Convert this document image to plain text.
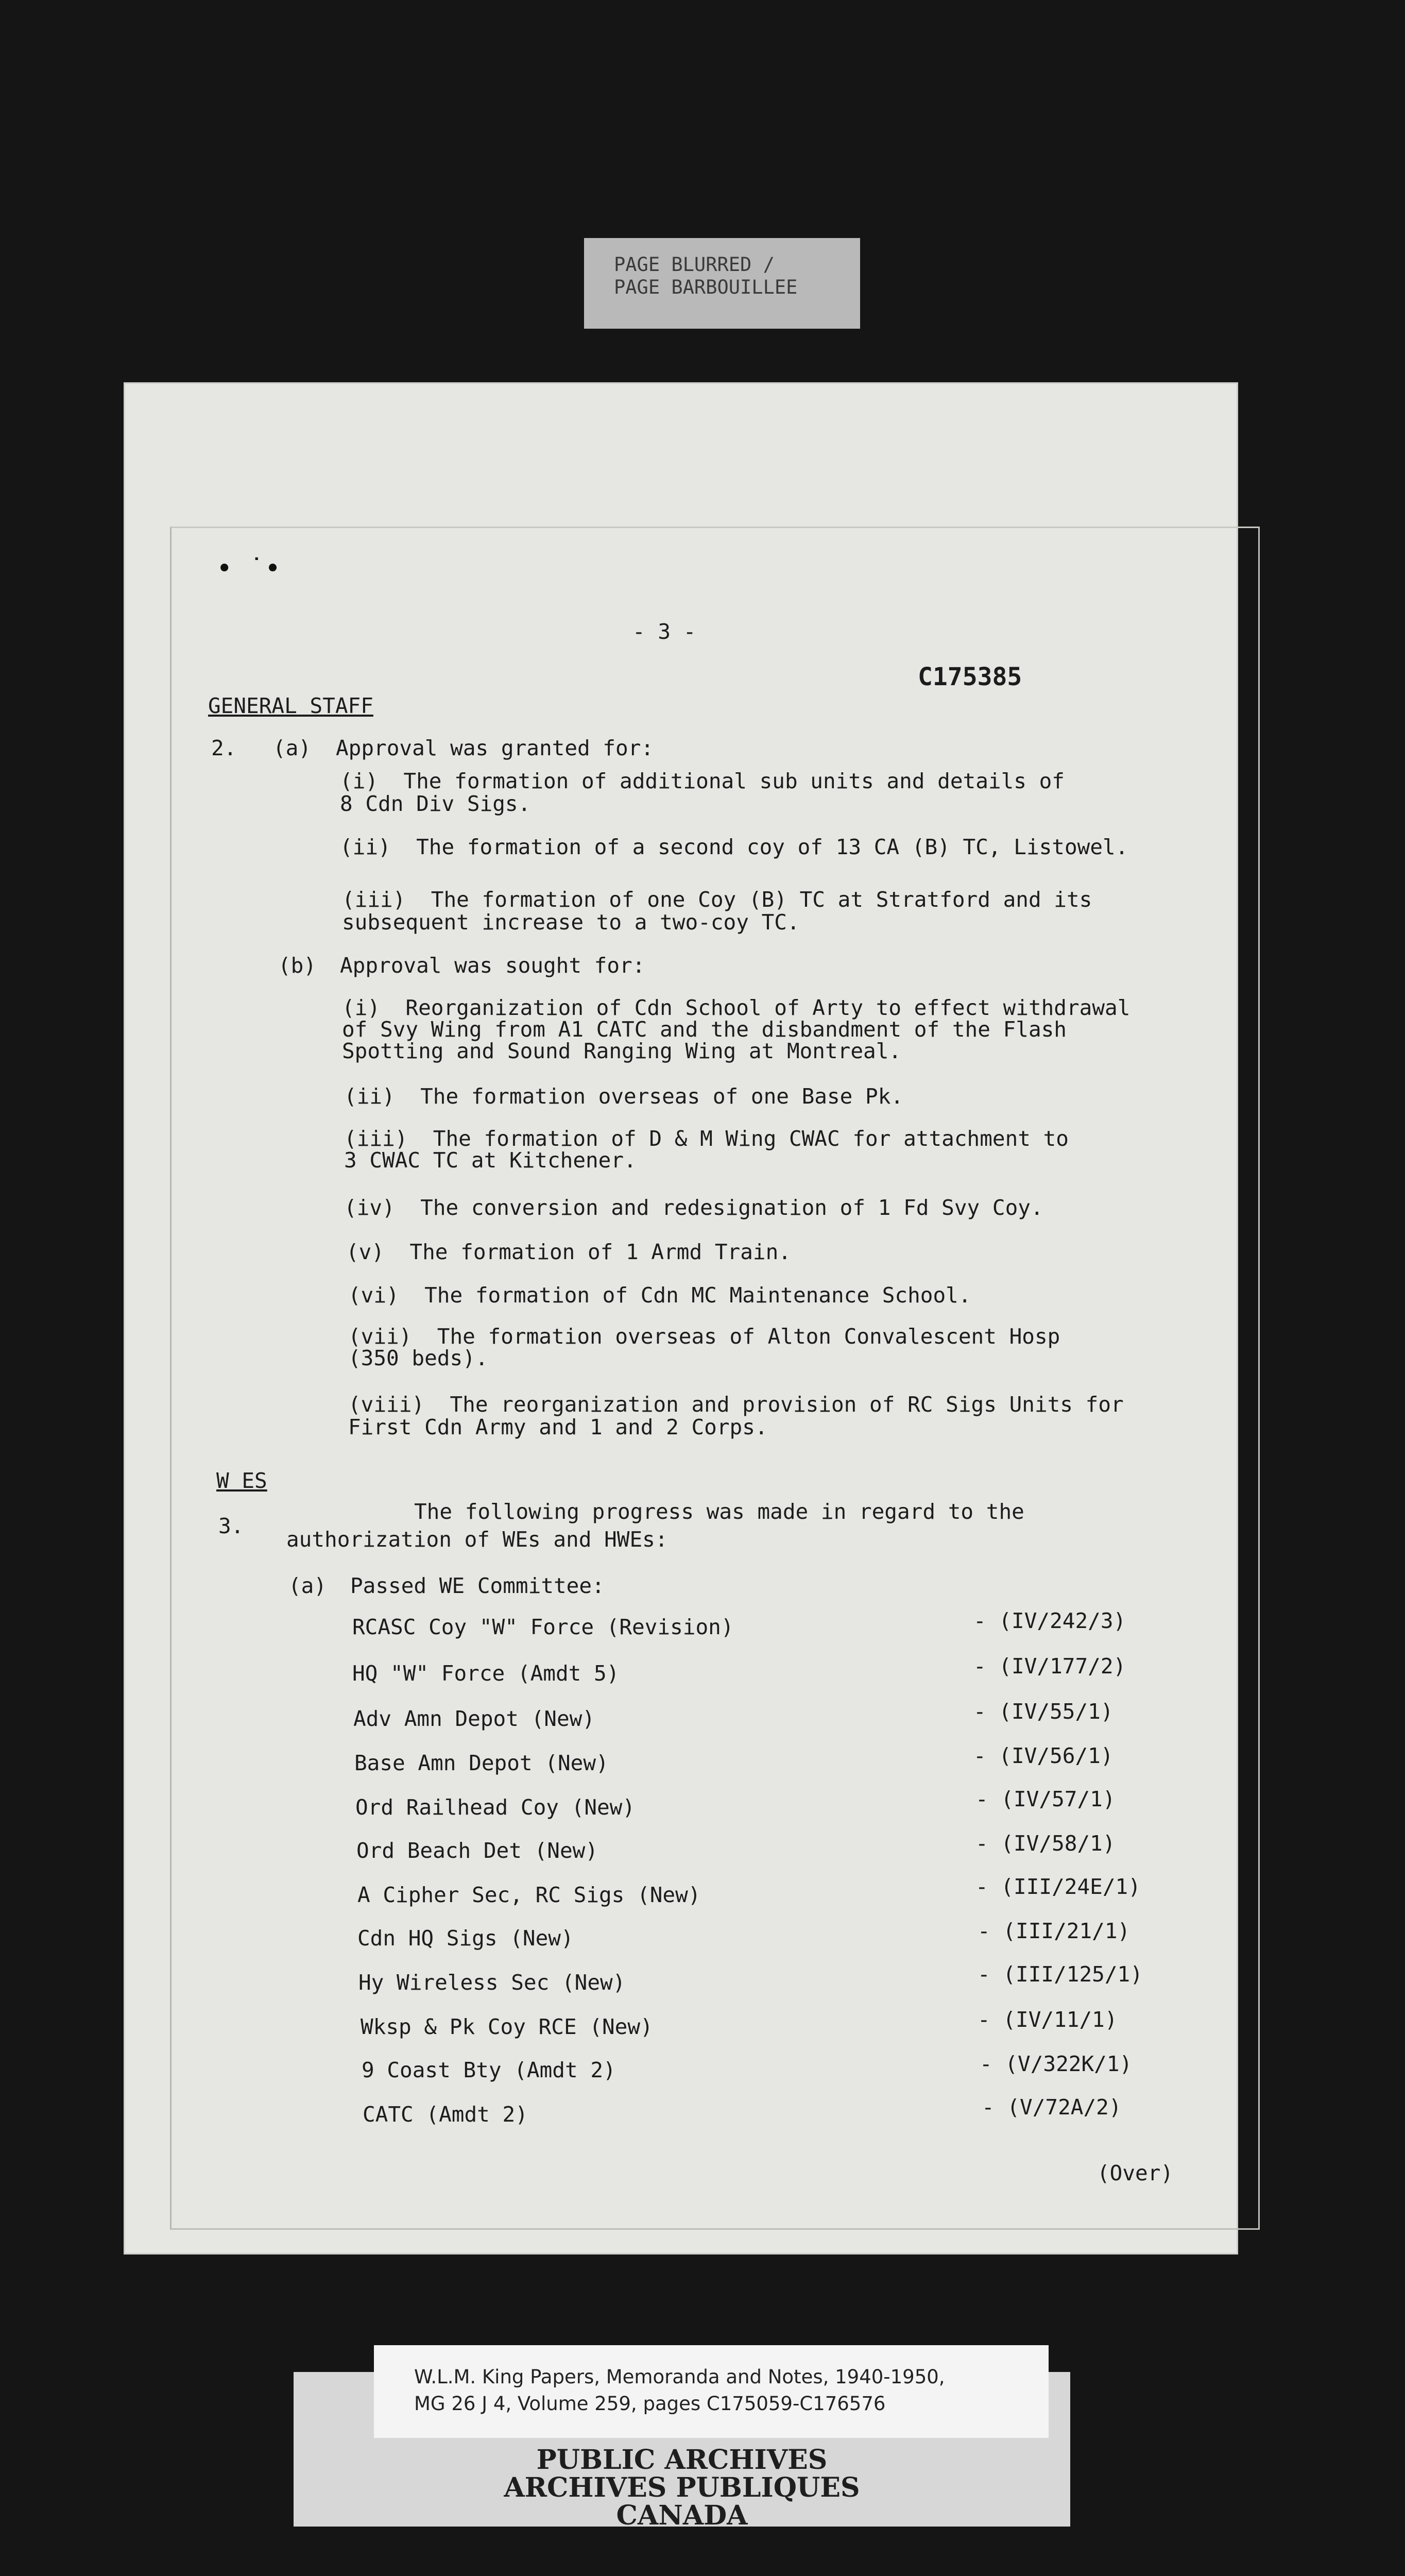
PAGE BLURRED /
PAGE BARBOUILLEE
• ˙•
- 3 -
C175385
GENERAL STAFF
2. (a) Approval was granted for:
(i)  The formation of additional sub units and details of
8 Cdn Div Sigs.
(ii)  The formation of a second coy of 13 CA (B) TC, Listowel.
(iii)  The formation of one Coy (B) TC at Stratford and its
subsequent increase to a two-coy TC.
(b) Approval was sought for:
(i)  Reorganization of Cdn School of Arty to effect withdrawal
of Svy Wing from A1 CATC and the disbandment of the Flash
Spotting and Sound Ranging Wing at Montreal.
(ii)  The formation overseas of one Base Pk.
(iii)  The formation of D & M Wing CWAC for attachment to
3 CWAC TC at Kitchener.
(iv)  The conversion and redesignation of 1 Fd Svy Coy.
(v)  The formation of 1 Armd Train.
(vi)  The formation of Cdn MC Maintenance School.
(vii)  The formation overseas of Alton Convalescent Hosp
(350 beds).
(viii)  The reorganization and provision of RC Sigs Units for
First Cdn Army and 1 and 2 Corps.
W ES
3.
The following progress was made in regard to the
authorization of WEs and HWEs:
(a) Passed WE Committee:
RCASC Coy "W" Force (Revision)	- (IV/242/3)
HQ "W" Force (Amdt 5)	- (IV/177/2)
Adv Amn Depot (New)	- (IV/55/1)
Base Amn Depot (New)	- (IV/56/1)
Ord Railhead Coy (New)	- (IV/57/1)
Ord Beach Det (New)	- (IV/58/1)
A Cipher Sec, RC Sigs (New)	- (III/24E/1)
Cdn HQ Sigs (New)	- (III/21/1)
Hy Wireless Sec (New)	- (III/125/1)
Wksp & Pk Coy RCE (New)	- (IV/11/1)
9 Coast Bty (Amdt 2)	- (V/322K/1)
CATC (Amdt 2)	- (V/72A/2)
(Over)
W.L.M. King Papers, Memoranda and Notes, 1940-1950,
MG 26 J 4, Volume 259, pages C175059-C176576
PUBLIC ARCHIVES
ARCHIVES PUBLIQUES
CANADA
